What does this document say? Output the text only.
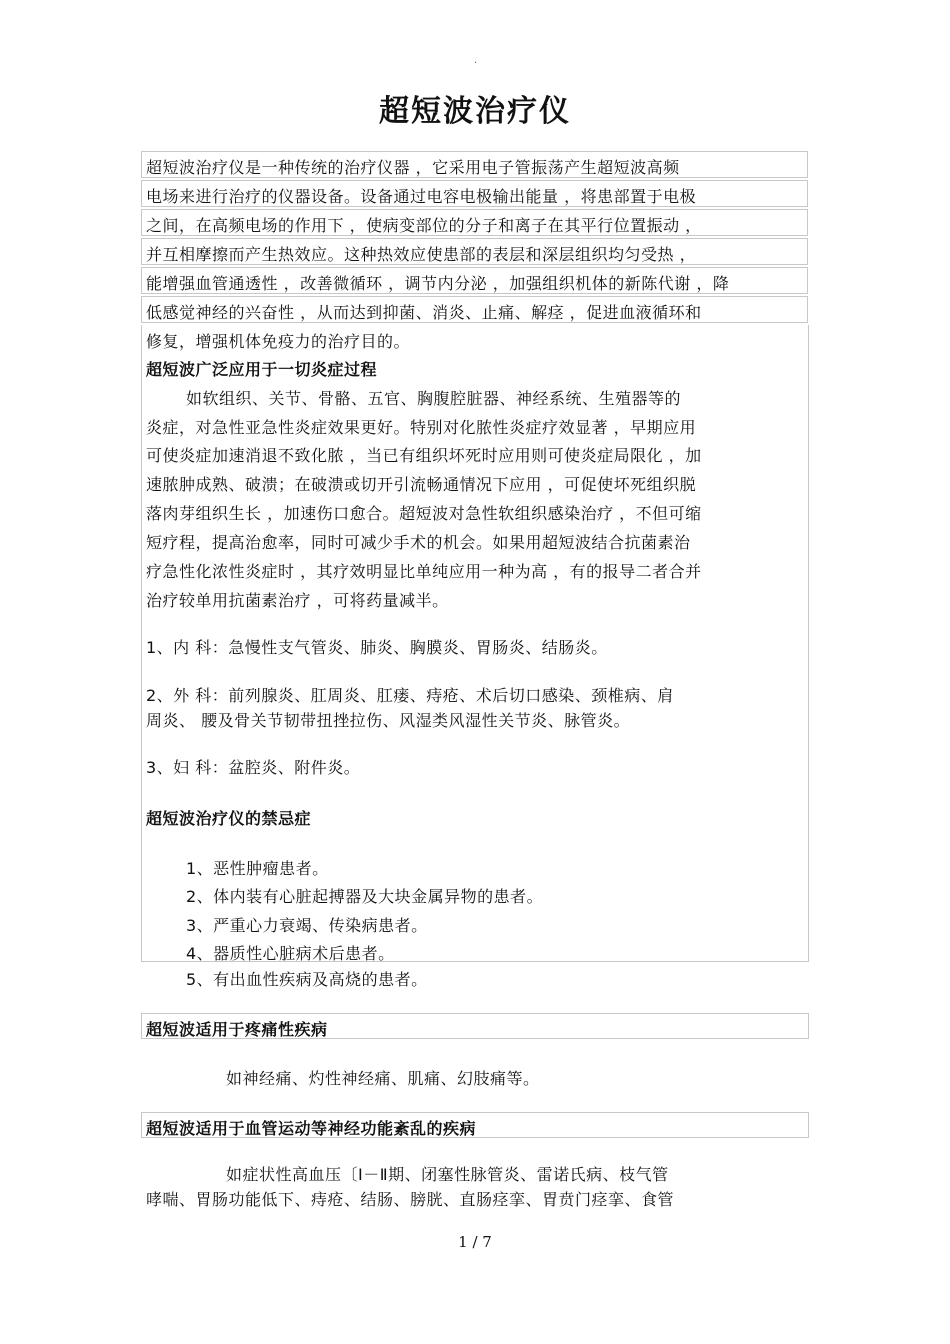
·
超短波治疗仪
超短波治疗仪是一种传统的治疗仪器 ，它采用电子管振荡产生超短波高频
电场来进行治疗的仪器设备。设备通过电容电极输出能量 ，将患部置于电极
之间，在高频电场的作用下 ，使病变部位的分子和离子在其平行位置振动 ，
并互相摩擦而产生热效应。这种热效应使患部的表层和深层组织均匀受热 ，
能增强血管通透性 ，改善微循环 ，调节内分泌 ，加强组织机体的新陈代谢 ，降
低感觉神经的兴奋性 ，从而达到抑菌、消炎、止痛、解痉 ，促进血液循环和
修复，增强机体免疫力的治疗目的。
超短波广泛应用于一切炎症过程
如软组织、关节、骨骼、五官、胸腹腔脏器、神经系统、生殖器等的
炎症，对急性亚急性炎症效果更好。特别对化脓性炎症疗效显著 ，早期应用
可使炎症加速消退不致化脓 ，当已有组织坏死时应用则可使炎症局限化 ，加
速脓肿成熟、破溃；在破溃或切开引流畅通情况下应用 ，可促使坏死组织脱
落肉芽组织生长 ，加速伤口愈合。超短波对急性软组织感染治疗 ，不但可缩
短疗程，提高治愈率，同时可减少手术的机会。如果用超短波结合抗菌素治
疗急性化浓性炎症时 ，其疗效明显比单纯应用一种为高 ，有的报导二者合并
治疗较单用抗菌素治疗 ，可将药量减半。
1、内 科：急慢性支气管炎、肺炎、胸膜炎、胃肠炎、结肠炎。
2、外 科：前列腺炎、肛周炎、肛瘘、痔疮、术后切口感染、颈椎病、肩
周炎、 腰及骨关节韧带扭挫拉伤、风湿类风湿性关节炎、脉管炎。
3、妇 科：盆腔炎、附件炎。
超短波治疗仪的禁忌症
1、恶性肿瘤患者。
2、体内装有心脏起搏器及大块金属异物的患者。
3、严重心力衰竭、传染病患者。
4、器质性心脏病术后患者。
5、有出血性疾病及高烧的患者。
超短波适用于疼痛性疾病
如神经痛、灼性神经痛、肌痛、幻肢痛等。
超短波适用于血管运动等神经功能紊乱的疾病
如症状性高血压〔Ⅰ－Ⅱ期、闭塞性脉管炎、雷诺氏病、枝气管
哮喘、胃肠功能低下、痔疮、结肠、膀胱、直肠痉挛、胃贲门痉挛、食管
1 / 7
